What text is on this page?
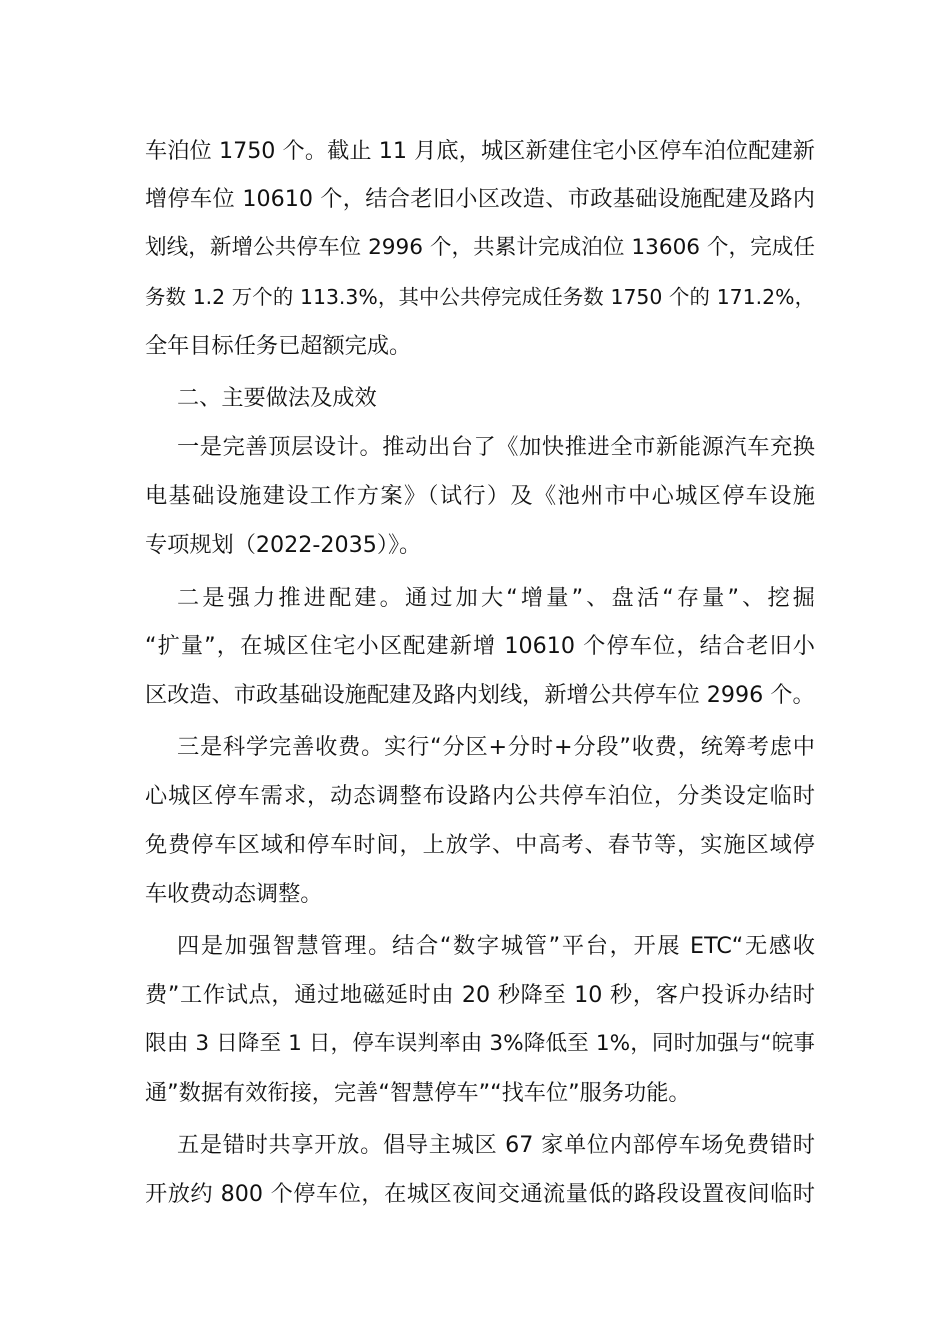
车泊位 1750 个。截止 11 月底，城区新建住宅小区停车泊位配建新
增停车位 10610 个，结合老旧小区改造、市政基础设施配建及路内
划线，新增公共停车位 2996 个，共累计完成泊位 13606 个，完成任
务数 1.2 万个的 113.3%，其中公共停完成任务数 1750 个的 171.2%，
全年目标任务已超额完成。
二、主要做法及成效
一是完善顶层设计。推动出台了《加快推进全市新能源汽车充换
电基础设施建设工作方案》（试行）及《池州市中心城区停车设施
专项规划（2022-2035）》。
二是强力推进配建。通过加大“增量”、盘活“存量”、挖掘
“扩量”，在城区住宅小区配建新增 10610 个停车位，结合老旧小
区改造、市政基础设施配建及路内划线，新增公共停车位 2996 个。
三是科学完善收费。实行“分区+分时+分段”收费，统筹考虑中
心城区停车需求，动态调整布设路内公共停车泊位，分类设定临时
免费停车区域和停车时间，上放学、中高考、春节等，实施区域停
车收费动态调整。
四是加强智慧管理。结合“数字城管”平台，开展 ETC“无感收
费”工作试点，通过地磁延时由 20 秒降至 10 秒，客户投诉办结时
限由 3 日降至 1 日，停车误判率由 3%降低至 1%，同时加强与“皖事
通”数据有效衔接，完善“智慧停车”“找车位”服务功能。
五是错时共享开放。倡导主城区 67 家单位内部停车场免费错时
开放约 800 个停车位，在城区夜间交通流量低的路段设置夜间临时
